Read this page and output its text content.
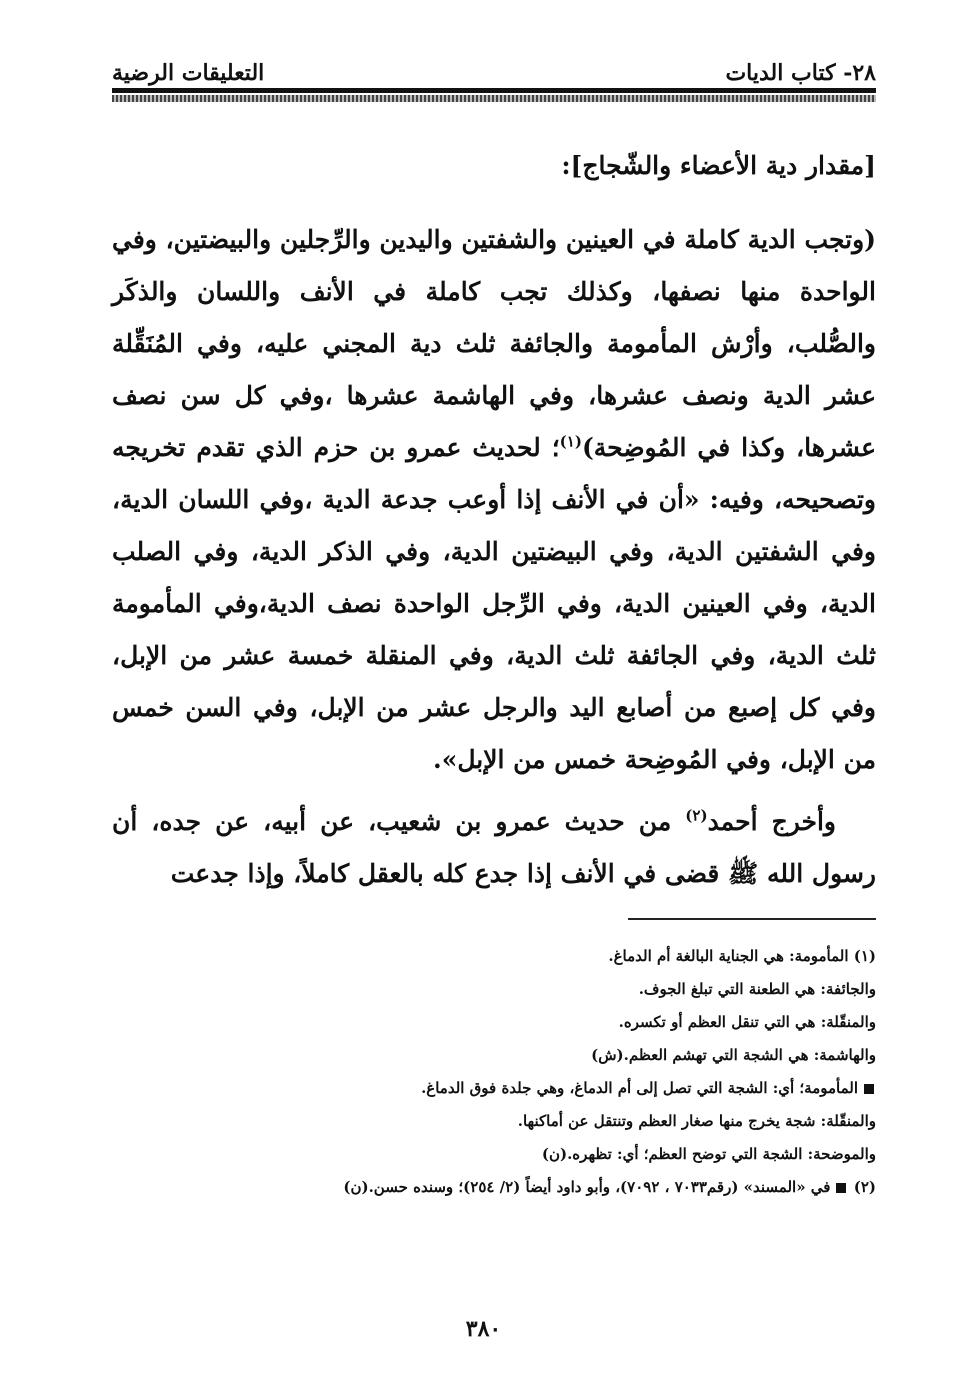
٢٨- كتاب الديات
التعليقات الرضية
[مقدار دية الأعضاء والشّجاج]:
(وتجب الدية كاملة في العينين والشفتين واليدين والرِّجلين والبيضتين، وفي الواحدة منها نصفها، وكذلك تجب كاملة في الأنف واللسان والذكَر والصُّلب، وأرْش المأمومة والجائفة ثلث دية المجني عليه، وفي المُنَقِّلة عشر الدية ونصف عشرها، وفي الهاشمة عشرها ،وفي كل سن نصف عشرها، وكذا في المُوضِحة)$^{(١)}$؛ لحديث عمرو بن حزم الذي تقدم تخريجه وتصحيحه، وفيه: «أن في الأنف إذا أوعب جدعة الدية ،وفي اللسان الدية، وفي الشفتين الدية، وفي البيضتين الدية، وفي الذكر الدية، وفي الصلب الدية، وفي العينين الدية، وفي الرِّجل الواحدة نصف الدية،وفي المأمومة ثلث الدية، وفي الجائفة ثلث الدية، وفي المنقلة خمسة عشر من الإبل، وفي كل إصبع من أصابع اليد والرجل عشر من الإبل، وفي السن خمس من الإبل، وفي المُوضِحة خمس من الإبل».
وأخرج أحمد$^{(٢)}$ من حديث عمرو بن شعيب، عن أبيه، عن جده، أن رسول الله ﷺ قضى في الأنف إذا جدع كله بالعقل كاملاً، وإذا جدعت

(١) المأمومة: هي الجناية البالغة أم الدماغ.

والجائفة: هي الطعنة التي تبلغ الجوف.

والمنقّلة: هي التي تنقل العظم أو تكسره.

والهاشمة: هي الشجة التي تهشم العظم.(ش)

المأمومة؛ أي: الشجة التي تصل إلى أم الدماغ، وهي جلدة فوق الدماغ.

والمنقّلة: شجة يخرج منها صغار العظم وتنتقل عن أماكنها.

والموضحة: الشجة التي توضح العظم؛ أي: تظهره.(ن)

(٢) في «المسند» (رقم٧٠٣٣ ، ٧٠٩٢)، وأبو داود أيضاً (٢/ ٢٥٤)؛ وسنده حسن.(ن)

٣٨٠
